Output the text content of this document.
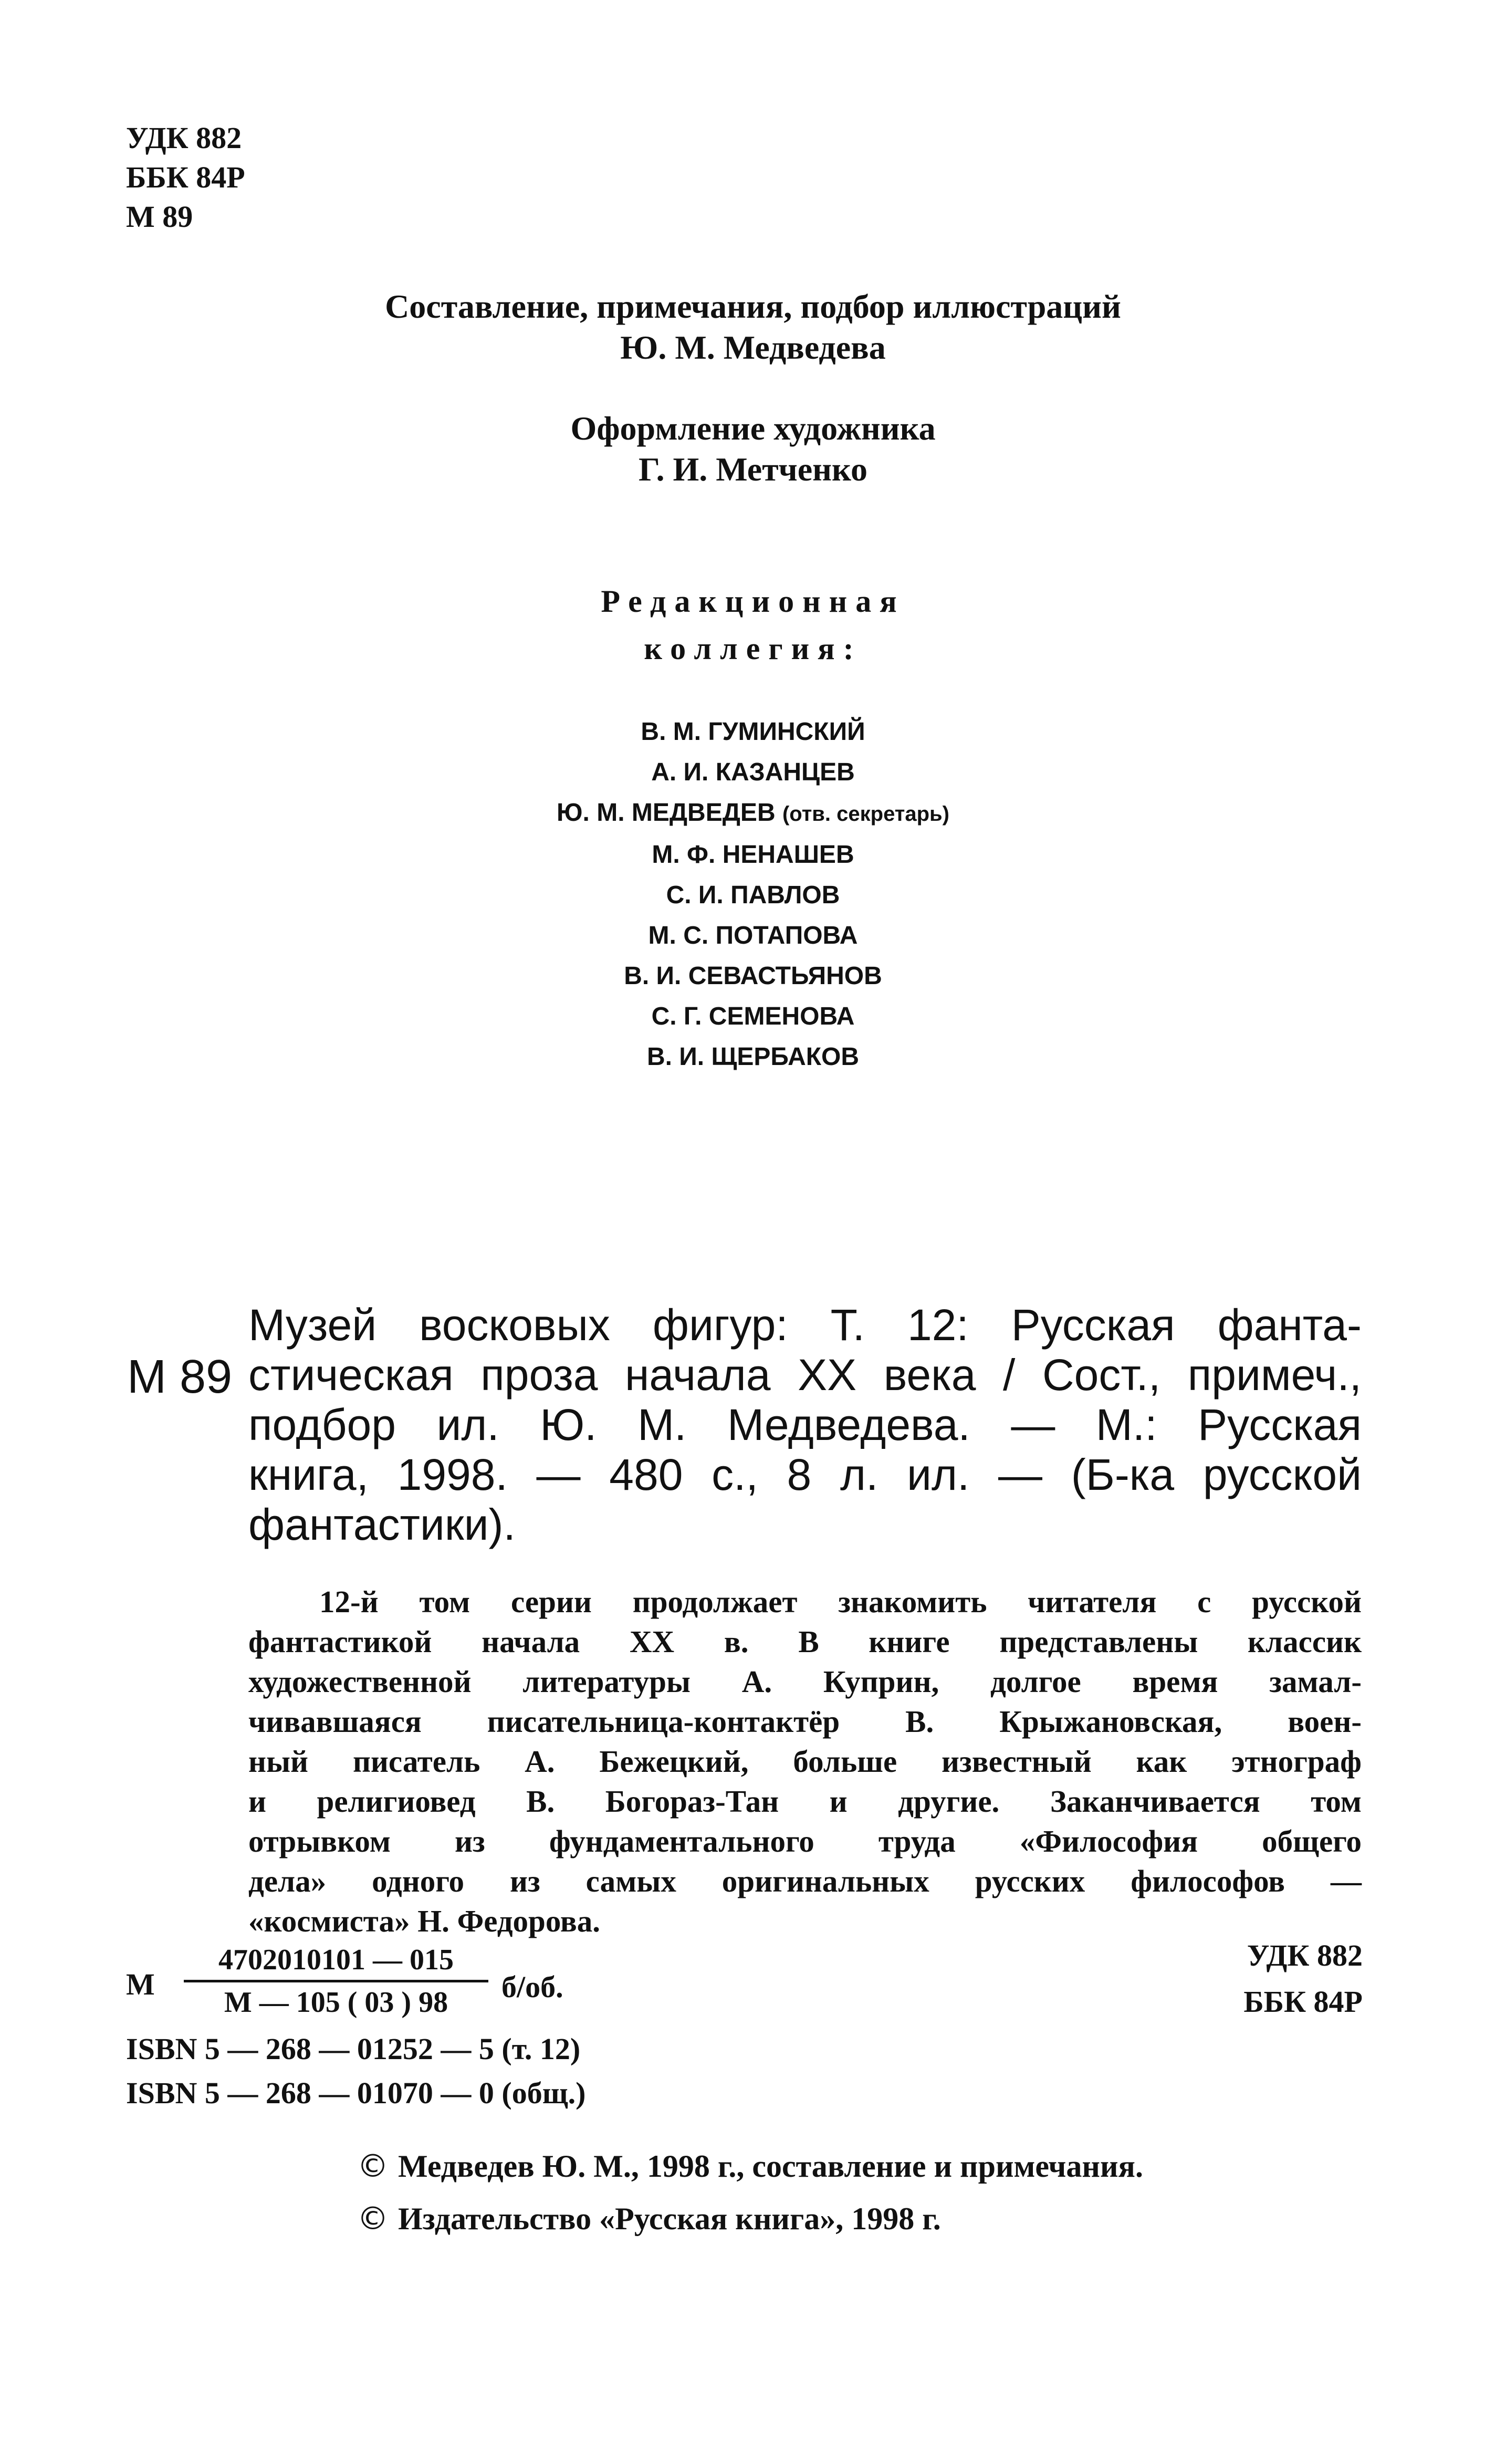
УДК 882
ББК 84Р
М 89
Составление, примечания, подбор иллюстраций
Ю. М. Медведева
Оформление художника
Г. И. Метченко
Редакционная
коллегия:
В. М. ГУМИНСКИЙ
А. И. КАЗАНЦЕВ
Ю. М. МЕДВЕДЕВ (отв. секретарь)
М. Ф. НЕНАШЕВ
С. И. ПАВЛОВ
М. С. ПОТАПОВА
В. И. СЕВАСТЬЯНОВ
С. Г. СЕМЕНОВА
В. И. ЩЕРБАКОВ
М 89
Музей восковых фигур: Т. 12: Русская фанта-
стическая проза начала XX века / Сост., примеч.,
подбор ил. Ю. М. Медведева. — М.: Русская
книга, 1998. — 480 с., 8 л. ил. — (Б-ка русской
фантастики).
12-й том серии продолжает знакомить читателя с русской
фантастикой начала XX в. В книге представлены классик
художественной литературы А. Куприн, долгое время замал-
чивавшаяся писательница-контактёр В. Крыжановская, воен-
ный писатель А. Бежецкий, больше известный как этнограф
и религиовед В. Богораз-Тан и другие. Заканчивается том
отрывком из фундаментального труда «Философия общего
дела» одного из самых оригинальных русских философов —
«космиста» Н. Федорова.
УДК 882
ББК 84Р
М
4702010101 — 015
М — 105 ( 03 ) 98	б/об.
ISBN 5 — 268 — 01252 — 5 (т. 12)
ISBN 5 — 268 — 01070 — 0 (общ.)
© Медведев Ю. М., 1998 г., составление и примечания.
© Издательство «Русская книга», 1998 г.
